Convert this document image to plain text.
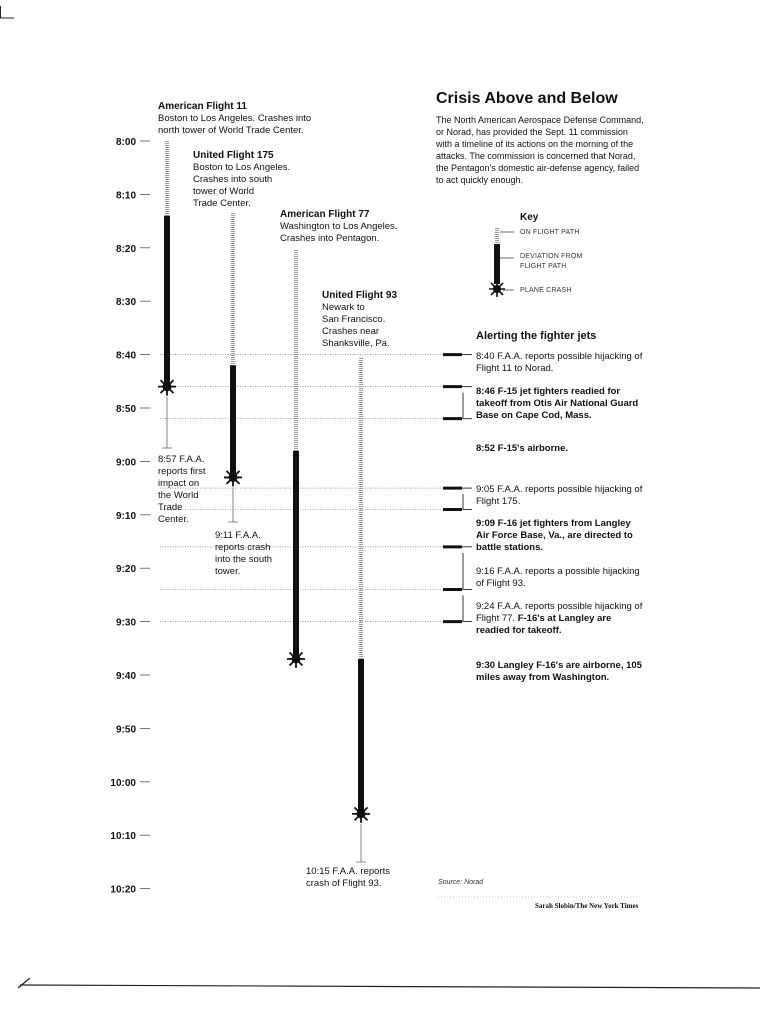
8:00
8:10
8:20
8:30
8:40
8:50
9:00
9:10
9:20
9:30
9:40
9:50
10:00
10:10
10:20
Crisis Above and Below
The North American Aerospace Defense Command, or Norad, has provided the Sept. 11 commission with a timeline of its actions on the morning of the attacks. The commission is concerned that Norad, the Pentagon's domestic air-defense agency, failed to act quickly enough.
Key
ON FLIGHT PATH
DEVIATION FROM
FLIGHT PATH
PLANE CRASH
American Flight 11
Boston to Los Angeles. Crashes into
north tower of World Trade Center.
United Flight 175
Boston to Los Angeles.
Crashes into south
tower of World
Trade Center.
American Flight 77
Washington to Los Angeles.
Crashes into Pentagon.
United Flight 93
Newark to
San Francisco.
Crashes near
Shanksville, Pa.
8:57 F.A.A.
reports first
impact on
the World
Trade
Center.
9:11 F.A.A.
reports crash
into the south
tower.
10:15 F.A.A. reports
crash of Flight 93.
Alerting the fighter jets
8:40 F.A.A. reports possible hijacking of Flight 11 to Norad.
8:46 F-15 jet fighters readied for takeoff from Otis Air National Guard Base on Cape Cod, Mass.
8:52 F-15's airborne.
9:05 F.A.A. reports possible hijacking of Flight 175.
9:09 F-16 jet fighters from Langley Air Force Base, Va., are directed to battle stations.
9:16 F.A.A. reports a possible hijacking of Flight 93.
9:24 F.A.A. reports possible hijacking of Flight 77. F-16's at Langley are readied for takeoff.
9:30 Langley F-16's are airborne, 105 miles away from Washington.
Source: Norad
Sarah Slobin/The New York Times
